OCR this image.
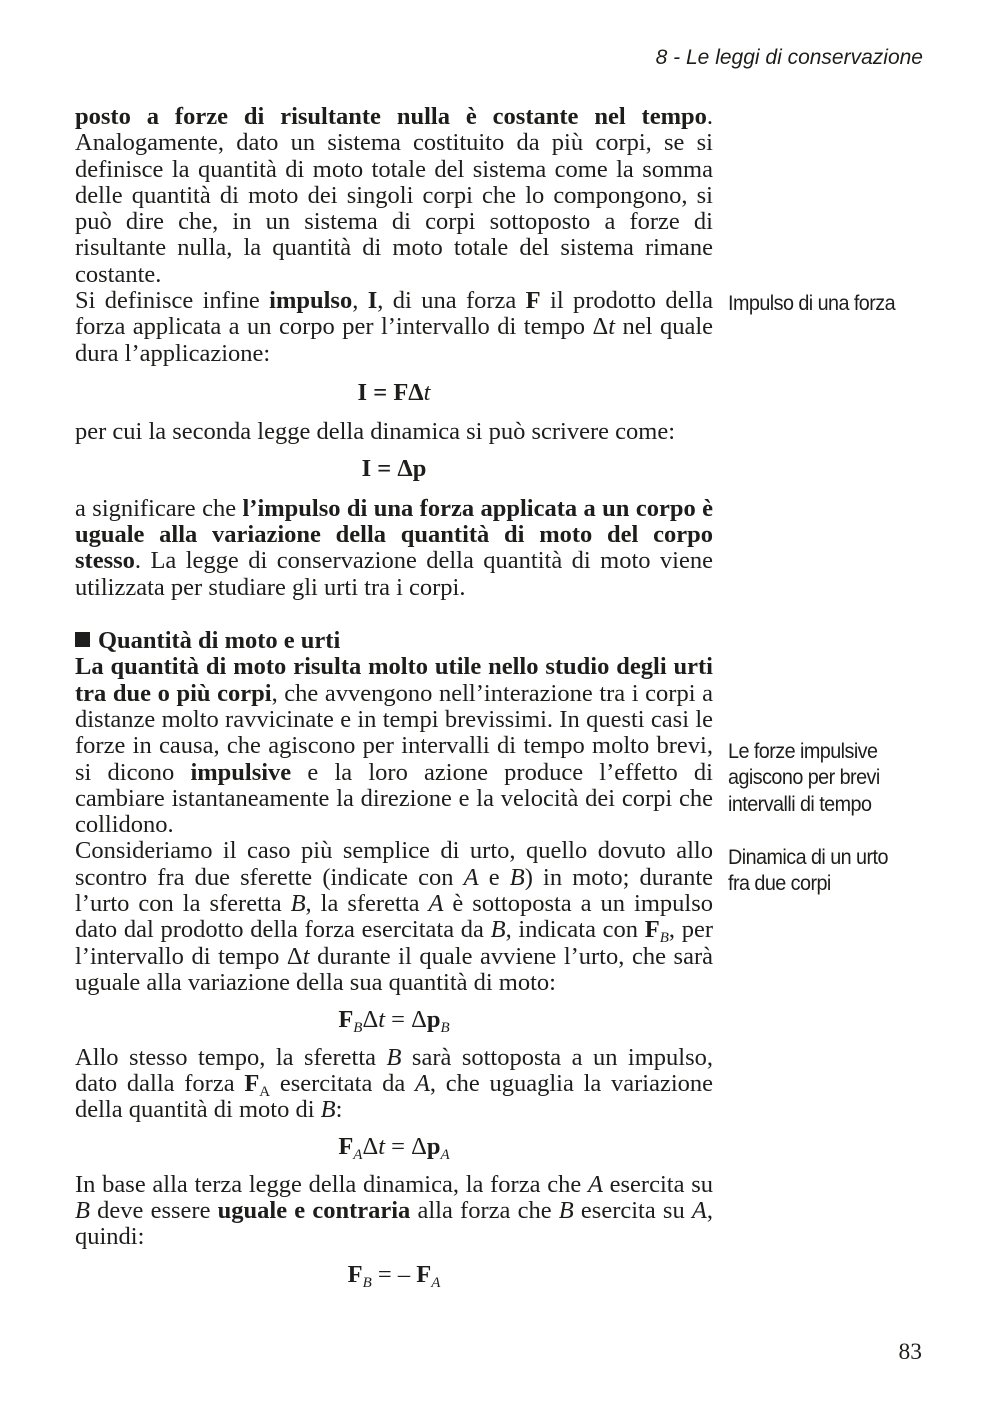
8 - Le leggi di conservazione

posto a forze di risultante nulla è costante nel tempo. Analogamente, dato un sistema costituito da più corpi, se si definisce la quantità di moto totale del sistema come la somma delle quantità di moto dei singoli corpi che lo compongono, si può dire che, in un sistema di corpi sottoposto a forze di risultante nulla, la quantità di moto totale del sistema rimane costante.

Si definisce infine impulso, I, di una forza F il prodotto della forza applicata a un corpo per l’intervallo di tempo Δt nel quale dura l’applicazione:

I = FΔt

per cui la seconda legge della dinamica si può scrivere come:

I = Δp

a significare che l’impulso di una forza applicata a un corpo è uguale alla variazione della quantità di moto del corpo stesso. La legge di conservazione della quantità di moto viene utilizzata per studiare gli urti tra i corpi.

Quantità di moto e urti

La quantità di moto risulta molto utile nello studio degli urti tra due o più corpi, che avvengono nell’interazione tra i corpi a distanze molto ravvicinate e in tempi brevissimi. In questi casi le forze in causa, che agiscono per intervalli di tempo molto brevi, si dicono impulsive e la loro azione produce l’effetto di cambiare istantaneamente la direzione e la velocità dei corpi che collidono.

Consideriamo il caso più semplice di urto, quello dovuto allo scontro fra due sferette (indicate con A e B) in moto; durante l’urto con la sferetta B, la sferetta A è sottoposta a un impulso dato dal prodotto della forza esercitata da B, indicata con $F_B$, per l’intervallo di tempo Δt durante il quale avviene l’urto, che sarà uguale alla variazione della sua quantità di moto:

$F_B\Delta t = \Delta p_B$

Allo stesso tempo, la sferetta B sarà sottoposta a un impulso, dato dalla forza $F_A$ esercitata da A, che uguaglia la variazione della quantità di moto di B:

$F_A\Delta t = \Delta p_A$

In base alla terza legge della dinamica, la forza che A esercita su B deve essere uguale e contraria alla forza che B esercita su A, quindi:

$F_B$ = – $F_A$

Impulso di una forza
Le forze impulsive
agiscono per brevi
intervalli di tempo
Dinamica di un urto
fra due corpi
83
